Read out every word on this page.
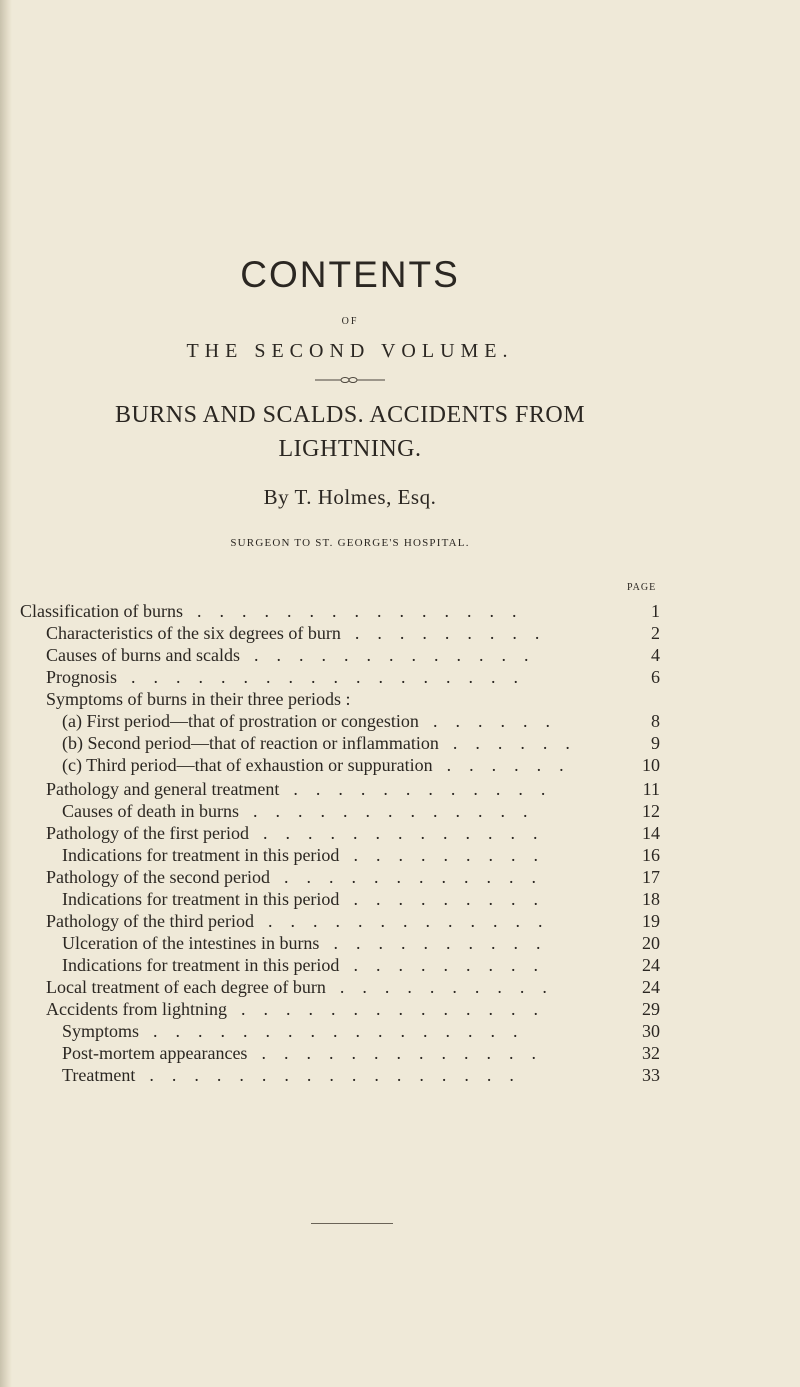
CONTENTS
OF
THE SECOND VOLUME.
BURNS AND SCALDS. ACCIDENTS FROM
LIGHTNING.
By T. Holmes, Esq.
SURGEON TO ST. GEORGE'S HOSPITAL.
PAGE
Classification of burns ...............	1
Characteristics of the six degrees of burn .........	2
Causes of burns and scalds .............	4
Prognosis ..................	6
Symptoms of burns in their three periods :
(a) First period—that of prostration or congestion ......	8
(b) Second period—that of reaction or inflammation ......	9
(c) Third period—that of exhaustion or suppuration ......	10
Pathology and general treatment ............	11
Causes of death in burns .............	12
Pathology of the first period .............	14
Indications for treatment in this period .........	16
Pathology of the second period ............	17
Indications for treatment in this period .........	18
Pathology of the third period .............	19
Ulceration of the intestines in burns ..........	20
Indications for treatment in this period .........	24
Local treatment of each degree of burn ..........	24
Accidents from lightning ..............	29
Symptoms .................	30
Post-mortem appearances .............	32
Treatment .................	33
